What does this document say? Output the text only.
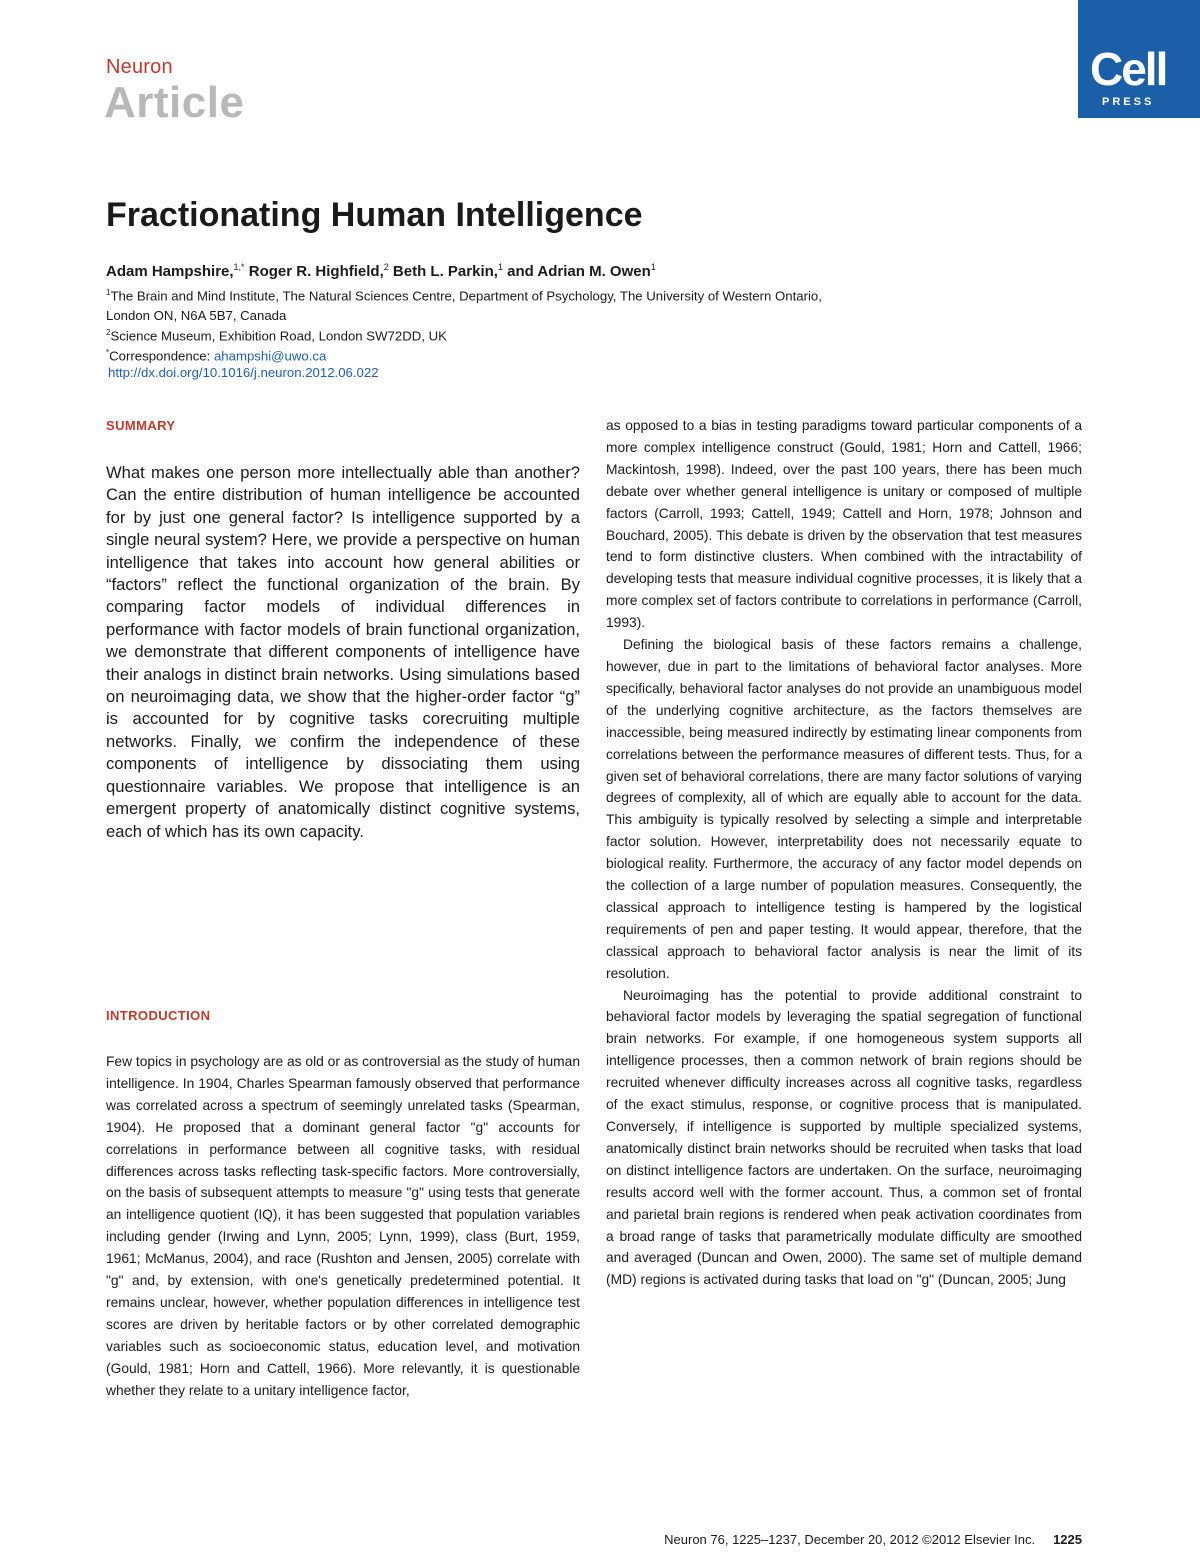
Neuron
Article
Cell
PRESS
Fractionating Human Intelligence
Adam Hampshire,$^{1,*}$ Roger R. Highfield,$^2$ Beth L. Parkin,$^1$ and Adrian M. Owen$^1$
$^1$The Brain and Mind Institute, The Natural Sciences Centre, Department of Psychology, The University of Western Ontario,
London ON, N6A 5B7, Canada
$^2$Science Museum, Exhibition Road, London SW72DD, UK
*Correspondence: ahampshi@uwo.ca
http://dx.doi.org/10.1016/j.neuron.2012.06.022
SUMMARY
What makes one person more intellectually able than another? Can the entire distribution of human intelligence be accounted for by just one general factor? Is intelligence supported by a single neural system? Here, we provide a perspective on human intelligence that takes into account how general abilities or “factors” reflect the functional organization of the brain. By comparing factor models of individual differences in performance with factor models of brain functional organization, we demonstrate that different components of intelligence have their analogs in distinct brain networks. Using simulations based on neuroimaging data, we show that the higher-order factor “g” is accounted for by cognitive tasks corecruiting multiple networks. Finally, we confirm the independence of these components of intelligence by dissociating them using questionnaire variables. We propose that intelligence is an emergent property of anatomically distinct cognitive systems, each of which has its own capacity.
INTRODUCTION
Few topics in psychology are as old or as controversial as the study of human intelligence. In 1904, Charles Spearman famously observed that performance was correlated across a spectrum of seemingly unrelated tasks (Spearman, 1904). He proposed that a dominant general factor "g" accounts for correlations in performance between all cognitive tasks, with residual differences across tasks reflecting task-specific factors. More controversially, on the basis of subsequent attempts to measure "g" using tests that generate an intelligence quotient (IQ), it has been suggested that population variables including gender (Irwing and Lynn, 2005; Lynn, 1999), class (Burt, 1959, 1961; McManus, 2004), and race (Rushton and Jensen, 2005) correlate with "g" and, by extension, with one's genetically predetermined potential. It remains unclear, however, whether population differences in intelligence test scores are driven by heritable factors or by other correlated demographic variables such as socioeconomic status, education level, and motivation (Gould, 1981; Horn and Cattell, 1966). More relevantly, it is questionable whether they relate to a unitary intelligence factor,

as opposed to a bias in testing paradigms toward particular components of a more complex intelligence construct (Gould, 1981; Horn and Cattell, 1966; Mackintosh, 1998). Indeed, over the past 100 years, there has been much debate over whether general intelligence is unitary or composed of multiple factors (Carroll, 1993; Cattell, 1949; Cattell and Horn, 1978; Johnson and Bouchard, 2005). This debate is driven by the observation that test measures tend to form distinctive clusters. When combined with the intractability of developing tests that measure individual cognitive processes, it is likely that a more complex set of factors contribute to correlations in performance (Carroll, 1993).

Defining the biological basis of these factors remains a challenge, however, due in part to the limitations of behavioral factor analyses. More specifically, behavioral factor analyses do not provide an unambiguous model of the underlying cognitive architecture, as the factors themselves are inaccessible, being measured indirectly by estimating linear components from correlations between the performance measures of different tests. Thus, for a given set of behavioral correlations, there are many factor solutions of varying degrees of complexity, all of which are equally able to account for the data. This ambiguity is typically resolved by selecting a simple and interpretable factor solution. However, interpretability does not necessarily equate to biological reality. Furthermore, the accuracy of any factor model depends on the collection of a large number of population measures. Consequently, the classical approach to intelligence testing is hampered by the logistical requirements of pen and paper testing. It would appear, therefore, that the classical approach to behavioral factor analysis is near the limit of its resolution.

Neuroimaging has the potential to provide additional constraint to behavioral factor models by leveraging the spatial segregation of functional brain networks. For example, if one homogeneous system supports all intelligence processes, then a common network of brain regions should be recruited whenever difficulty increases across all cognitive tasks, regardless of the exact stimulus, response, or cognitive process that is manipulated. Conversely, if intelligence is supported by multiple specialized systems, anatomically distinct brain networks should be recruited when tasks that load on distinct intelligence factors are undertaken. On the surface, neuroimaging results accord well with the former account. Thus, a common set of frontal and parietal brain regions is rendered when peak activation coordinates from a broad range of tasks that parametrically modulate difficulty are smoothed and averaged (Duncan and Owen, 2000). The same set of multiple demand (MD) regions is activated during tasks that load on "g" (Duncan, 2005; Jung

Neuron 76, 1225–1237, December 20, 2012 ©2012 Elsevier Inc. 1225
